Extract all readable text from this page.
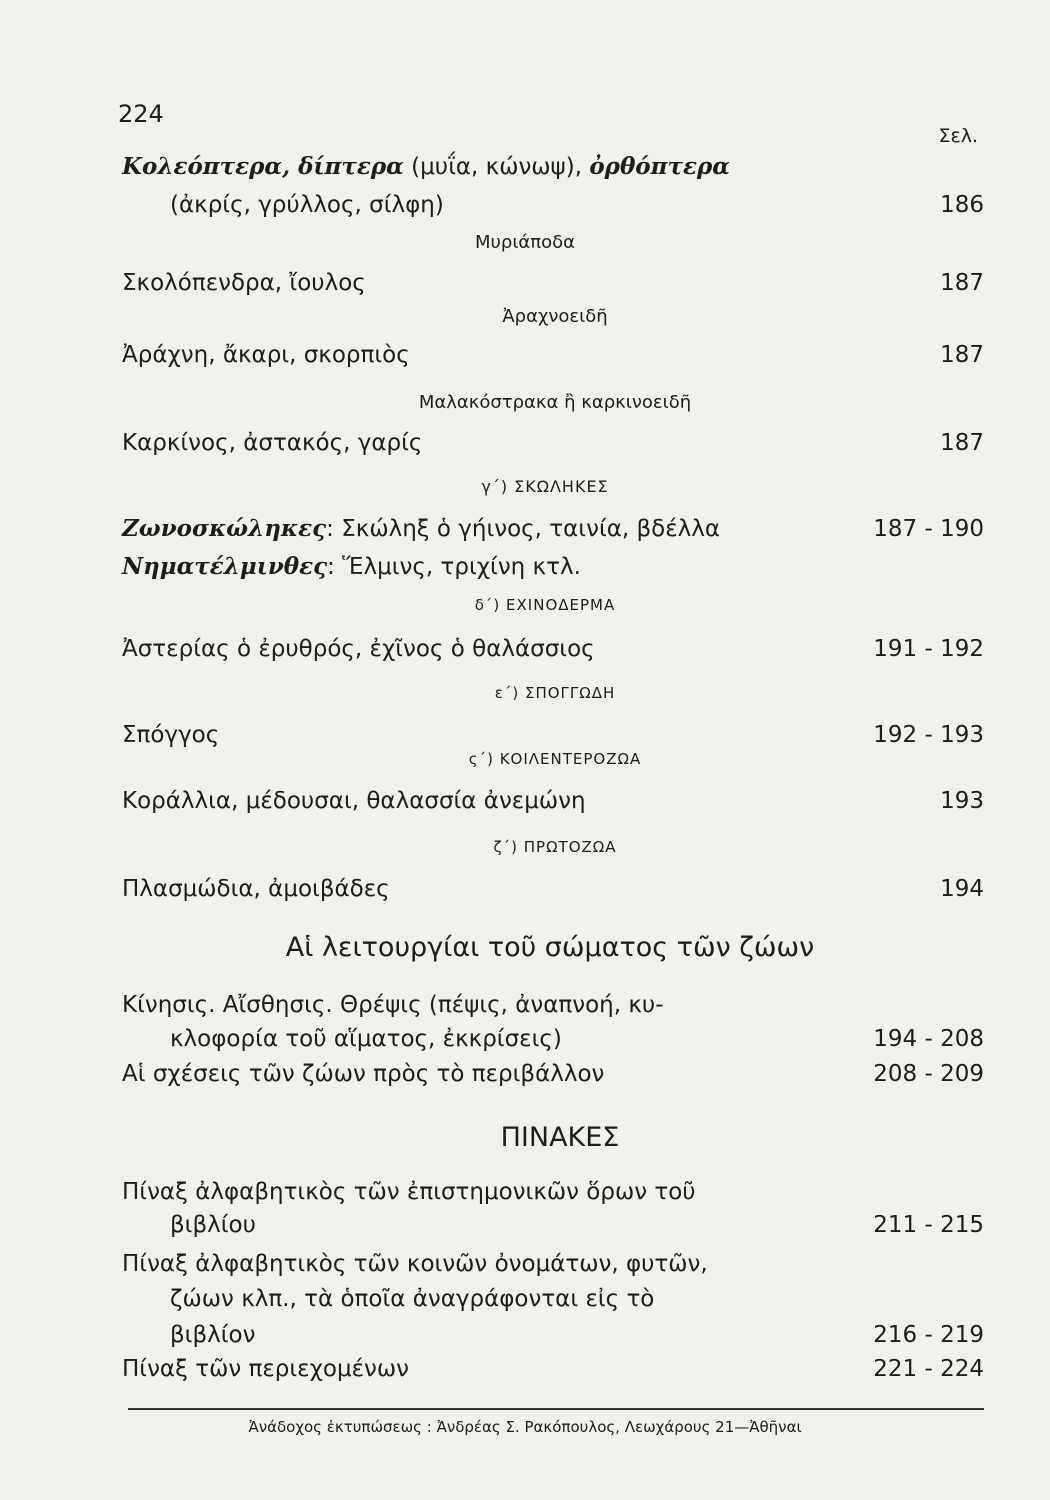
224
Σελ.
Κολεόπτερα, δίπτερα (μυΐα, κώνωψ), ὀρθόπτερα
(ἀκρίς, γρύλλος, σίλφη)	186
Μυριάποδα
Σκολόπενδρα, ἴουλος	187
Ἀραχνοειδῆ
Ἀράχνη, ἄκαρι, σκορπιὸς	187
Μαλακόστρακα ἢ καρκινοειδῆ
Καρκίνος, ἀστακός, γαρίς	187
γ΄) ΣΚΩΛΗΚΕΣ
Ζωνοσκώληκες: Σκώληξ ὁ γήινος, ταινία, βδέλλα	187 - 190
Νηματέλμινθες: Ἕλμινς, τριχίνη κτλ.
δ΄) ΕΧΙΝΟΔΕΡΜΑ
Ἀστερίας ὁ ἐρυθρός, ἐχῖνος ὁ θαλάσσιος	191 - 192
ε΄) ΣΠΟΓΓΩΔΗ
Σπόγγος	192 - 193
ς΄) ΚΟΙΛΕΝΤΕΡΟΖΩΑ
Κοράλλια, μέδουσαι, θαλασσία ἀνεμώνη	193
ζ΄) ΠΡΩΤΟΖΩΑ
Πλασμώδια, ἀμοιβάδες	194
Αἱ λειτουργίαι τοῦ σώματος τῶν ζώων
Κίνησις. Αἴσθησις. Θρέψις (πέψις, ἀναπνοή, κυ-
κλοφορία τοῦ αἵματος, ἐκκρίσεις)	194 - 208
Αἱ σχέσεις τῶν ζώων πρὸς τὸ περιβάλλον	208 - 209
ΠΙΝΑΚΕΣ
Πίναξ ἀλφαβητικὸς τῶν ἐπιστημονικῶν ὅρων τοῦ
βιβλίου	211 - 215
Πίναξ ἀλφαβητικὸς τῶν κοινῶν ὀνομάτων, φυτῶν,
ζώων κλπ., τὰ ὁποῖα ἀναγράφονται εἰς τὸ
βιβλίον	216 - 219
Πίναξ τῶν περιεχομένων	221 - 224
Ἀνάδοχος ἐκτυπώσεως : Ἀνδρέας Σ. Ρακόπουλος, Λεωχάρους 21—Ἀθῆναι
